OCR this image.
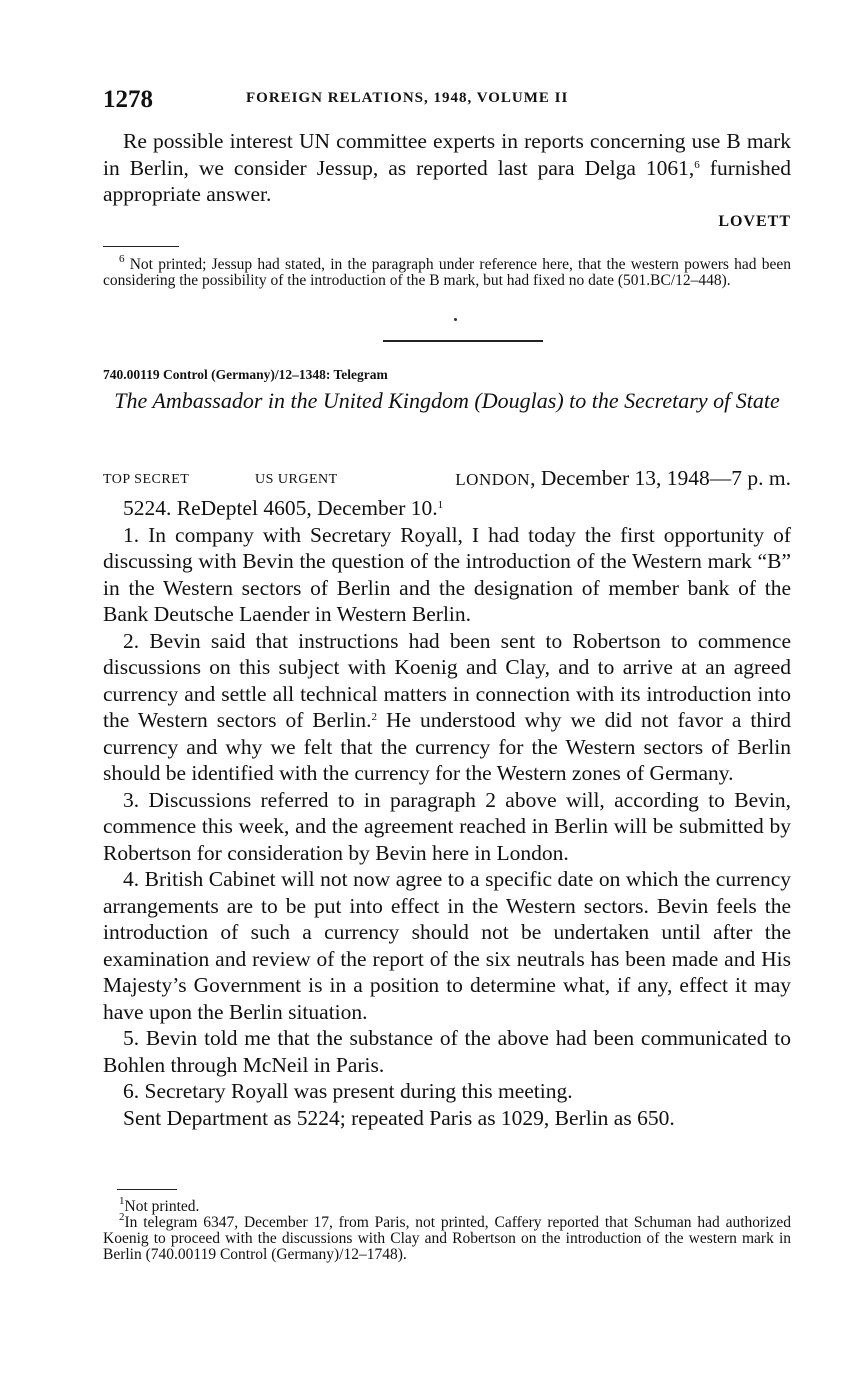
1278	FOREIGN RELATIONS, 1948, VOLUME II

Re possible interest UN committee experts in reports concerning use B mark in Berlin, we consider Jessup, as reported last para Delga 1061,$^6$ furnished appropriate answer.

LOVETT

$^6$ Not printed; Jessup had stated, in the paragraph under reference here, that the western powers had been considering the possibility of the introduction of the B mark, but had fixed no date (501.BC/12–448).

740.00119 Control (Germany)/12–1348: Telegram
The Ambassador in the United Kingdom (Douglas) to the Secretary of State
TOP SECRET	US URGENT	LONDON, December 13, 1948—7 p. m.

5224. ReDeptel 4605, December 10.$^1$

1. In company with Secretary Royall, I had today the first opportunity of discussing with Bevin the question of the introduction of the Western mark “B” in the Western sectors of Berlin and the designation of member bank of the Bank Deutsche Laender in Western Berlin.

2. Bevin said that instructions had been sent to Robertson to commence discussions on this subject with Koenig and Clay, and to arrive at an agreed currency and settle all technical matters in connection with its introduction into the Western sectors of Berlin.$^2$ He understood why we did not favor a third currency and why we felt that the currency for the Western sectors of Berlin should be identified with the currency for the Western zones of Germany.

3. Discussions referred to in paragraph 2 above will, according to Bevin, commence this week, and the agreement reached in Berlin will be submitted by Robertson for consideration by Bevin here in London.

4. British Cabinet will not now agree to a specific date on which the currency arrangements are to be put into effect in the Western sectors. Bevin feels the introduction of such a currency should not be undertaken until after the examination and review of the report of the six neutrals has been made and His Majesty’s Government is in a position to determine what, if any, effect it may have upon the Berlin situation.

5. Bevin told me that the substance of the above had been communicated to Bohlen through McNeil in Paris.

6. Secretary Royall was present during this meeting.

Sent Department as 5224; repeated Paris as 1029, Berlin as 650.

$^1$Not printed.

$^2$In telegram 6347, December 17, from Paris, not printed, Caffery reported that Schuman had authorized Koenig to proceed with the discussions with Clay and Robertson on the introduction of the western mark in Berlin (740.00119 Control (Germany)/12–1748).
